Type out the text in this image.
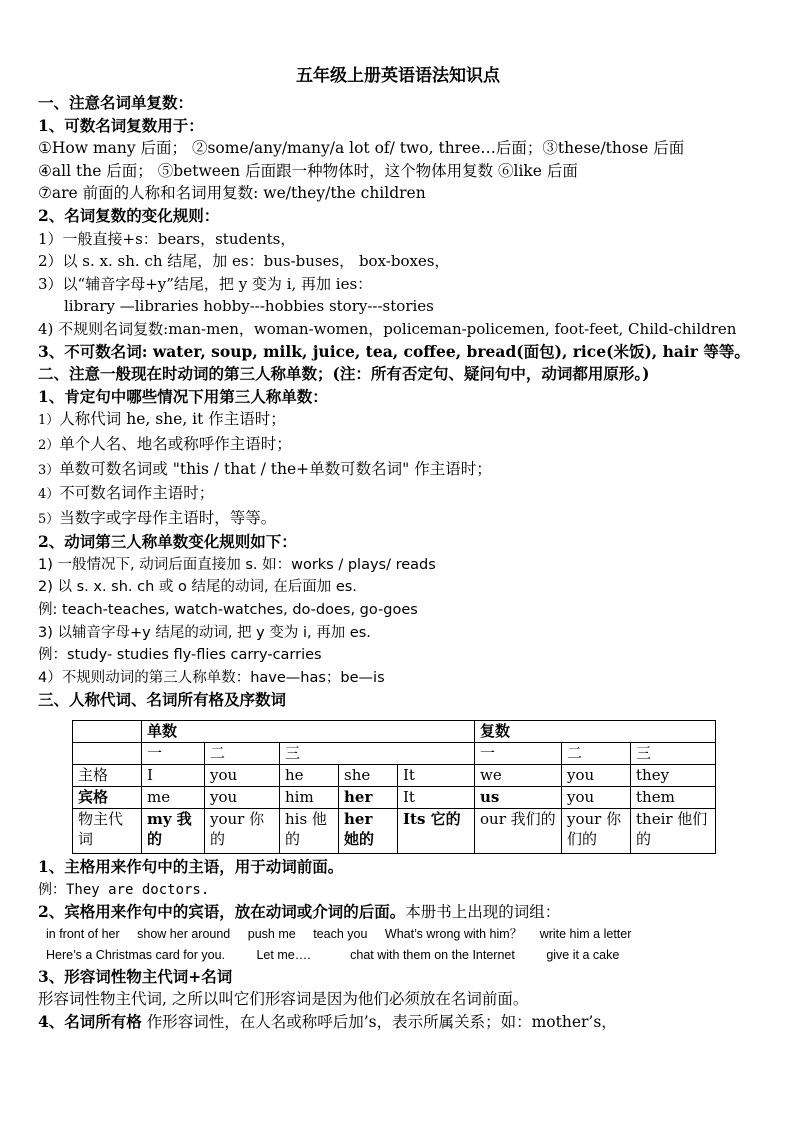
五年级上册英语语法知识点
一、注意名词单复数：
1、可数名词复数用于：
①How many 后面； ②some/any/many/a lot of/ two, three…后面；③these/those 后面
④all the 后面； ⑤between 后面跟一种物体时，这个物体用复数 ⑥like 后面
⑦are 前面的人称和名词用复数: we/they/the children
2、名词复数的变化规则：
1）一般直接+s：bears，students，
2）以 s. x. sh. ch 结尾，加 es：bus-buses， box-boxes，
3）以“辅音字母+y”结尾，把 y 变为 i, 再加 ies：
library —libraries hobby---hobbies story---stories
4) 不规则名词复数:man-men，woman-women，policeman-policemen, foot-feet, Child-children
3、不可数名词: water, soup, milk, juice, tea, coffee, bread(面包), rice(米饭), hair 等等。
二、注意一般现在时动词的第三人称单数；(注：所有否定句、疑问句中，动词都用原形。)
1、肯定句中哪些情况下用第三人称单数：
1）人称代词 he, she, it 作主语时；
2）单个人名、地名或称呼作主语时；
3）单数可数名词或 "this / that / the+单数可数名词" 作主语时；
4）不可数名词作主语时；
5）当数字或字母作主语时，等等。
2、动词第三人称单数变化规则如下：
1) 一般情况下, 动词后面直接加 s. 如：works / plays/ reads
2) 以 s. x. sh. ch 或 o 结尾的动词, 在后面加 es.
例: teach-teaches, watch-watches, do-does, go-goes
3) 以辅音字母+y 结尾的动词, 把 y 变为 i, 再加 es.
例：study- studies fly-flies carry-carries
4）不规则动词的第三人称单数：have—has；be—is
三、人称代词、名词所有格及序数词
	单数					复数		
	一	二	三			一	二	三
主格	I	you	he	she	It	we	you	they
宾格	me	you	him	her	It	us	you	them
物主代词	my 我的	your 你的	his 他的	her 她的	Its 它的	our 我们的	your 你们的	their 他们的
1、主格用来作句中的主语，用于动词前面。
例：They are doctors.
2、宾格用来作句中的宾语，放在动词或介词的后面。本册书上出现的词组：
in front of her show her around push me teach you What’s wrong with him？ write him a letter
Here’s a Christmas card for you.	Let me….	chat with them on the Internet	give it a cake
3、形容词性物主代词+名词
形容词性物主代词, 之所以叫它们形容词是因为他们必须放在名词前面。
4、名词所有格 作形容词性，在人名或称呼后加’s，表示所属关系；如：mother’s，
